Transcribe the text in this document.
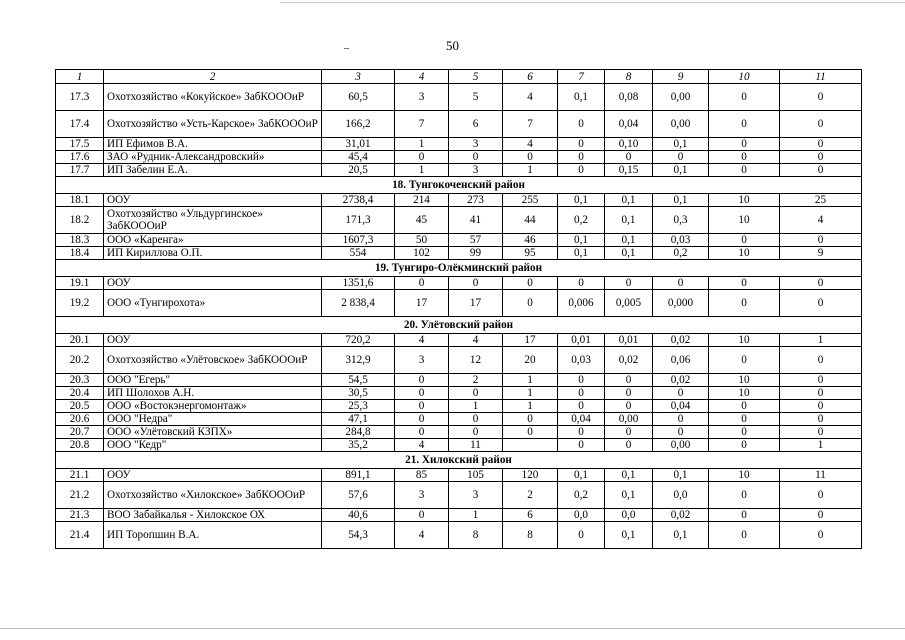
50
1	2	3	4	5	6	7	8	9	10	11
17.3	Охотхозяйство «Кокуйское» ЗабКОООиР	60,5	3	5	4	0,1	0,08	0,00	0	0
17.4	Охотхозяйство «Усть-Карское» ЗабКОООиР	166,2	7	6	7	0	0,04	0,00	0	0
17.5	ИП Ефимов В.А.	31,01	1	3	4	0	0,10	0,1	0	0
17.6	ЗАО «Рудник-Александровский»	45,4	0	0	0	0	0	0	0	0
17.7	ИП Забелин Е.А.	20,5	1	3	1	0	0,15	0,1	0	0
18. Тунгокоченский район										
18.1	ООУ	2738,4	214	273	255	0,1	0,1	0,1	10	25
18.2	Охотхозяйство «Ульдургинское» ЗабКОООиР	171,3	45	41	44	0,2	0,1	0,3	10	4
18.3	ООО «Каренга»	1607,3	50	57	46	0,1	0,1	0,03	0	0
18.4	ИП Кириллова О.П.	554	102	99	95	0,1	0,1	0,2	10	9
19. Тунгиро-Олёкминский район										
19.1	ООУ	1351,6	0	0	0	0	0	0	0	0
19.2	ООО «Тунгирохота»	2 838,4	17	17	0	0,006	0,005	0,000	0	0
20. Улётовский район										
20.1	ООУ	720,2	4	4	17	0,01	0,01	0,02	10	1
20.2	Охотхозяйство «Улётовское» ЗабКОООиР	312,9	3	12	20	0,03	0,02	0,06	0	0
20.3	ООО "Егерь"	54,5	0	2	1	0	0	0,02	10	0
20.4	ИП Шолохов А.Н.	30,5	0	0	1	0	0	0	10	0
20.5	ООО «Востокэнергомонтаж»	25,3	0	1	1	0	0	0,04	0	0
20.6	ООО "Недра"	47,1	0	0	0	0,04	0,00	0	0	0
20.7	ООО «Улётовский КЗПХ»	284,8	0	0	0	0	0	0	0	0
20.8	ООО "Кедр"	35,2	4	11		0	0	0,00	0	1
21. Хилокский район										
21.1	ООУ	891,1	85	105	120	0,1	0,1	0,1	10	11
21.2	Охотхозяйство «Хилокское» ЗабКОООиР	57,6	3	3	2	0,2	0,1	0,0	0	0
21.3	ВОО Забайкалья - Хилокское ОХ	40,6	0	1	6	0,0	0,0	0,02	0	0
21.4	ИП Торопшин В.А.	54,3	4	8	8	0	0,1	0,1	0	0
